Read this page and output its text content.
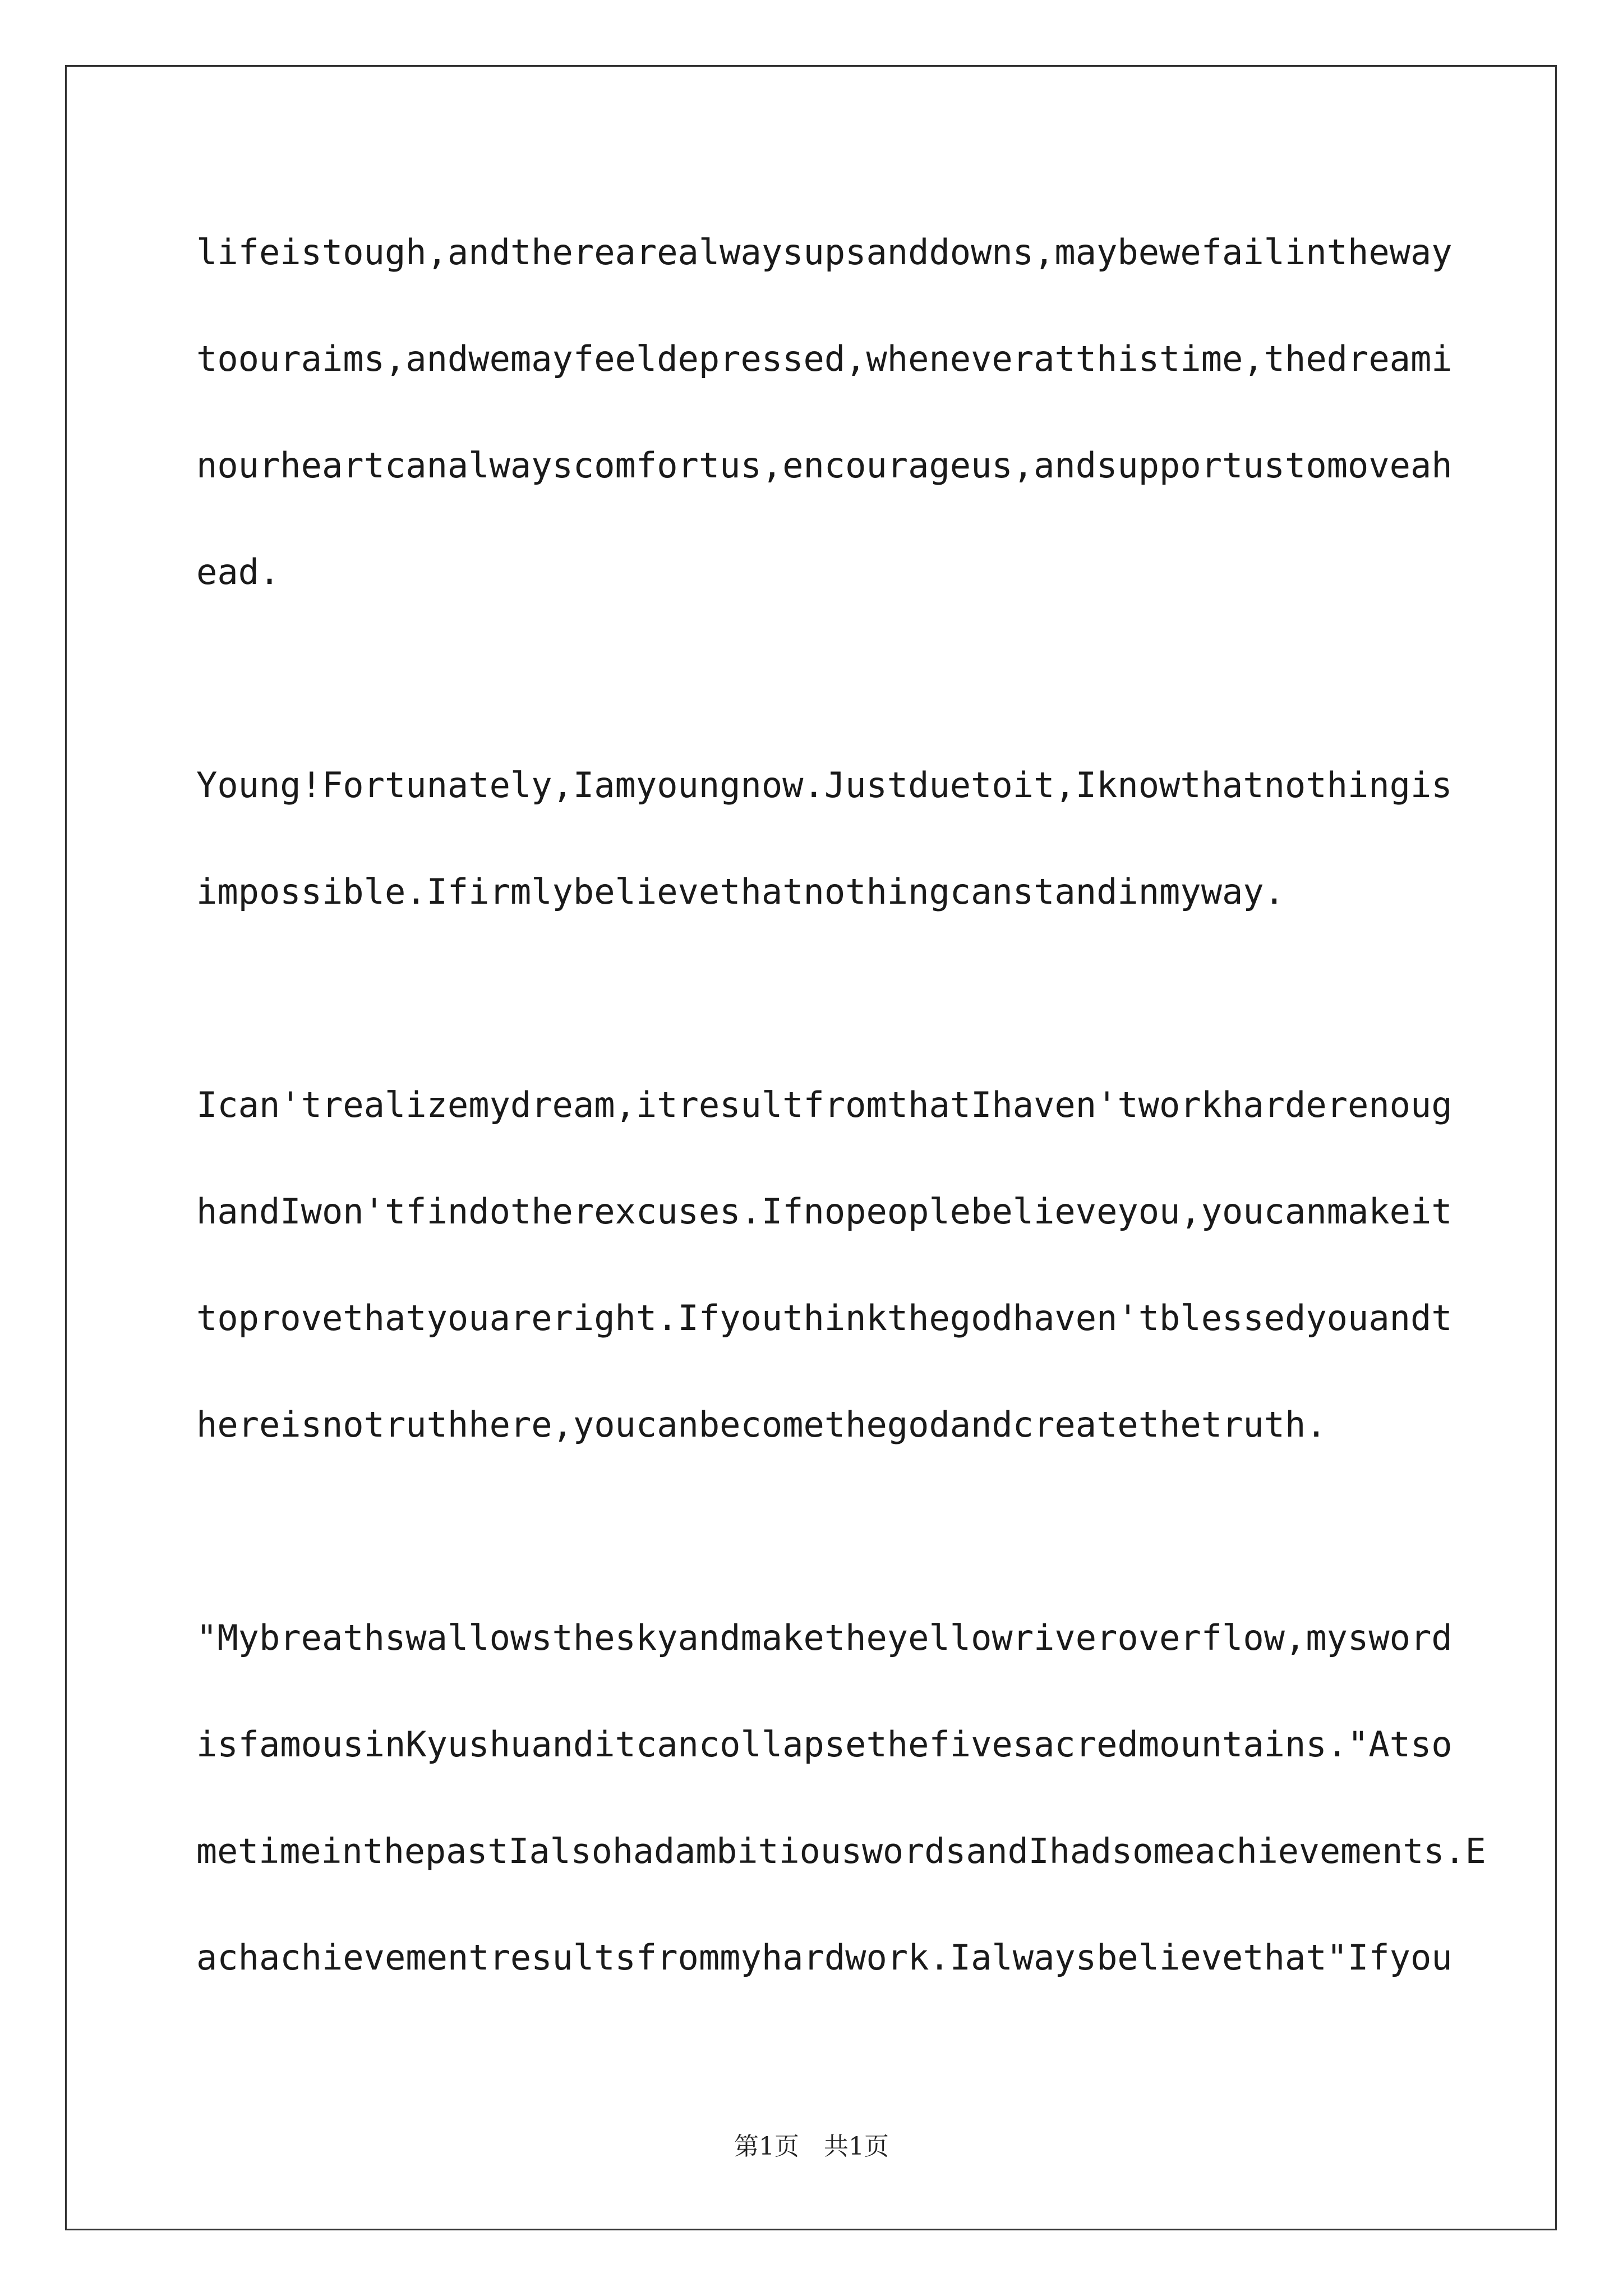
lifeistough,andtherearealwaysupsanddowns,maybewefailintheway
toouraims,andwemayfeeldepressed,wheneveratthistime,thedreami
nourheartcanalwayscomfortus,encourageus,andsupportustomoveah
ead.
Young!Fortunately,Iamyoungnow.Justduetoit,Iknowthatnothingis
impossible.Ifirmlybelievethatnothingcanstandinmyway.
Ican'trealizemydream,itresultfromthatIhaven'tworkharderenoug
handIwon'tfindotherexcuses.Ifnopeoplebelieveyou,youcanmakeit
toprovethatyouareright.Ifyouthinkthegodhaven'tblessedyouandt
hereisnotruthhere,youcanbecomethegodandcreatethetruth.
"Mybreathswallowstheskyandmaketheyellowriveroverflow,mysword
isfamousinKyushuanditcancollapsethefivesacredmountains."Atso
metimeinthepastIalsohadambitiouswordsandIhadsomeachievements.E
achachievementresultsfrommyhardwork.Ialwaysbelievethat"Ifyou
第1页　共1页
